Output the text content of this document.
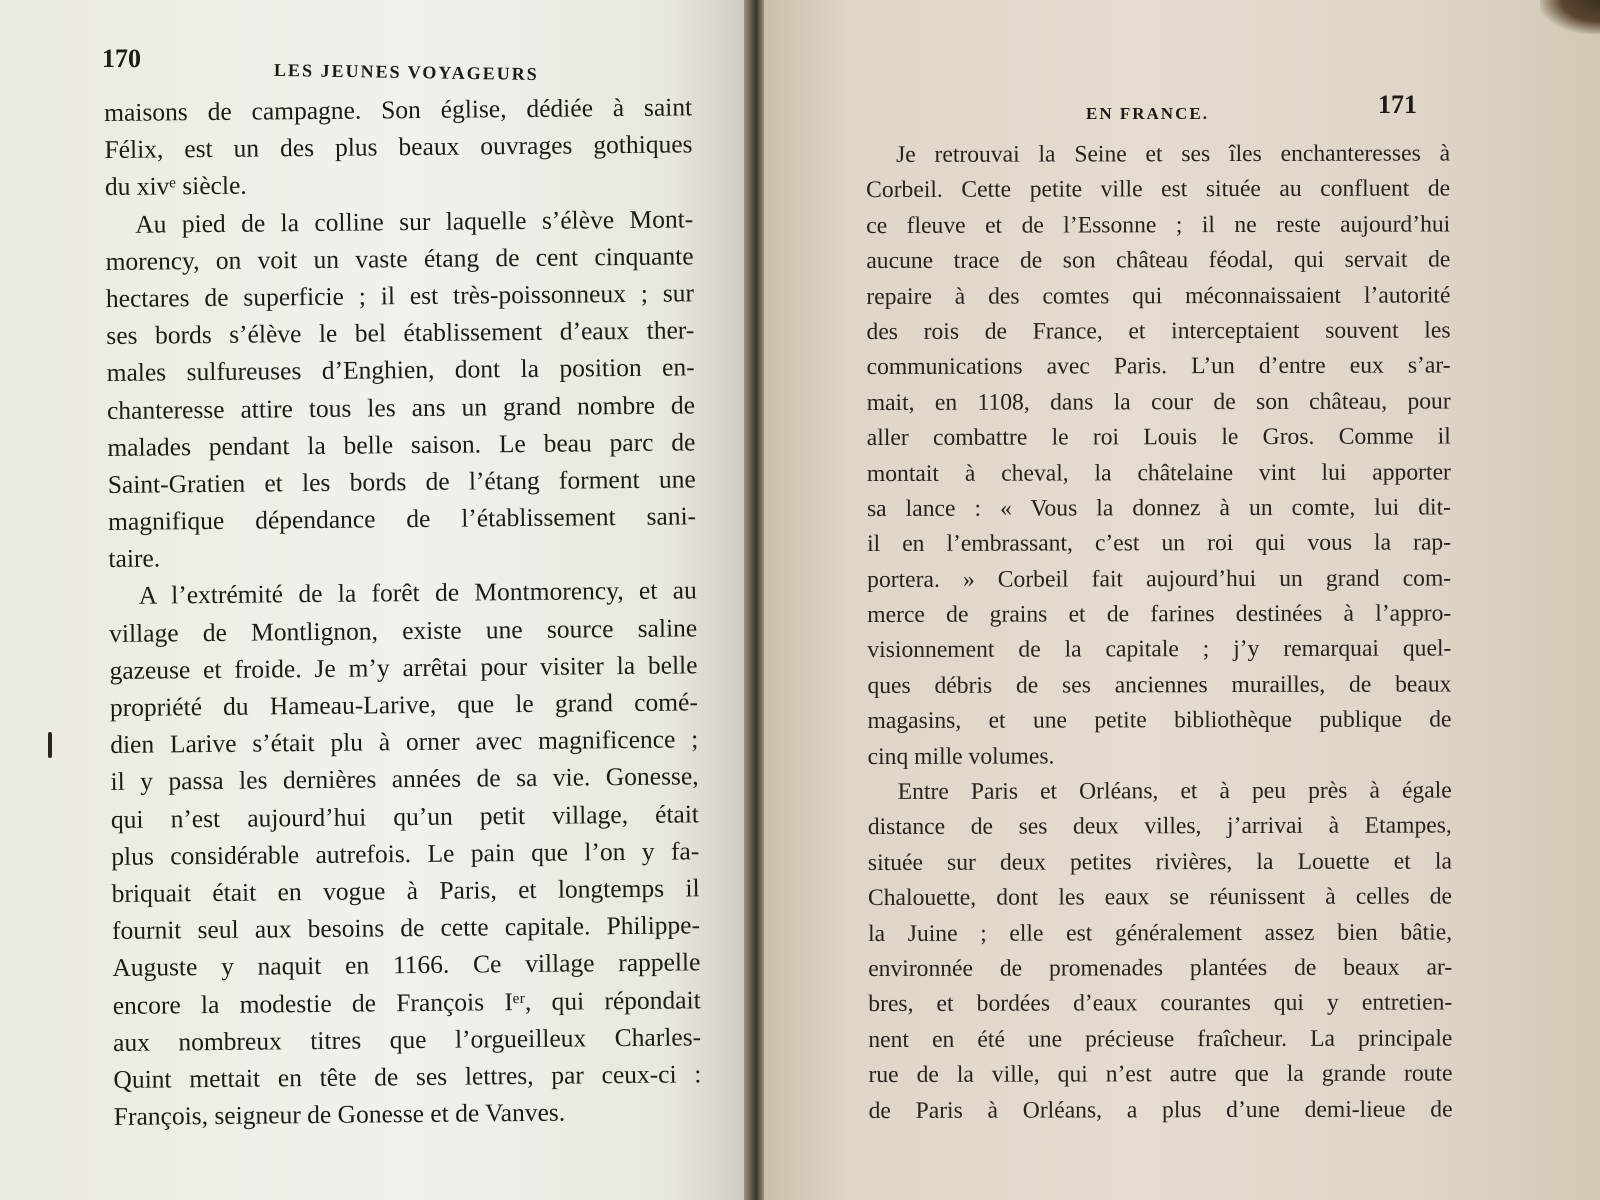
170	LES JEUNES VOYAGEURS
maisons de campagne. Son église, dédiée à saint
Félix, est un des plus beaux ouvrages gothiques
du xivᵉ siècle.
Au pied de la colline sur laquelle s’élève Mont-
morency, on voit un vaste étang de cent cinquante
hectares de superficie ; il est très-poissonneux ; sur
ses bords s’élève le bel établissement d’eaux ther-
males sulfureuses d’Enghien, dont la position en-
chanteresse attire tous les ans un grand nombre de
malades pendant la belle saison. Le beau parc de
Saint-Gratien et les bords de l’étang forment une
magnifique dépendance de l’établissement sani-
taire.
A l’extrémité de la forêt de Montmorency, et au
village de Montlignon, existe une source saline
gazeuse et froide. Je m’y arrêtai pour visiter la belle
propriété du Hameau-Larive, que le grand comé-
dien Larive s’était plu à orner avec magnificence ;
il y passa les dernières années de sa vie. Gonesse,
qui n’est aujourd’hui qu’un petit village, était
plus considérable autrefois. Le pain que l’on y fa-
briquait était en vogue à Paris, et longtemps il
fournit seul aux besoins de cette capitale. Philippe-
Auguste y naquit en 1166. Ce village rappelle
encore la modestie de François Iᵉʳ, qui répondait
aux nombreux titres que l’orgueilleux Charles-
Quint mettait en tête de ses lettres, par ceux-ci :
François, seigneur de Gonesse et de Vanves.
EN FRANCE.	171
Je retrouvai la Seine et ses îles enchanteresses à
Corbeil. Cette petite ville est située au confluent de
ce fleuve et de l’Essonne ; il ne reste aujourd’hui
aucune trace de son château féodal, qui servait de
repaire à des comtes qui méconnaissaient l’autorité
des rois de France, et interceptaient souvent les
communications avec Paris. L’un d’entre eux s’ar-
mait, en 1108, dans la cour de son château, pour
aller combattre le roi Louis le Gros. Comme il
montait à cheval, la châtelaine vint lui apporter
sa lance : « Vous la donnez à un comte, lui dit-
il en l’embrassant, c’est un roi qui vous la rap-
portera. » Corbeil fait aujourd’hui un grand com-
merce de grains et de farines destinées à l’appro-
visionnement de la capitale ; j’y remarquai quel-
ques débris de ses anciennes murailles, de beaux
magasins, et une petite bibliothèque publique de
cinq mille volumes.
Entre Paris et Orléans, et à peu près à égale
distance de ses deux villes, j’arrivai à Etampes,
située sur deux petites rivières, la Louette et la
Chalouette, dont les eaux se réunissent à celles de
la Juine ; elle est généralement assez bien bâtie,
environnée de promenades plantées de beaux ar-
bres, et bordées d’eaux courantes qui y entretien-
nent en été une précieuse fraîcheur. La principale
rue de la ville, qui n’est autre que la grande route
de Paris à Orléans, a plus d’une demi-lieue de
